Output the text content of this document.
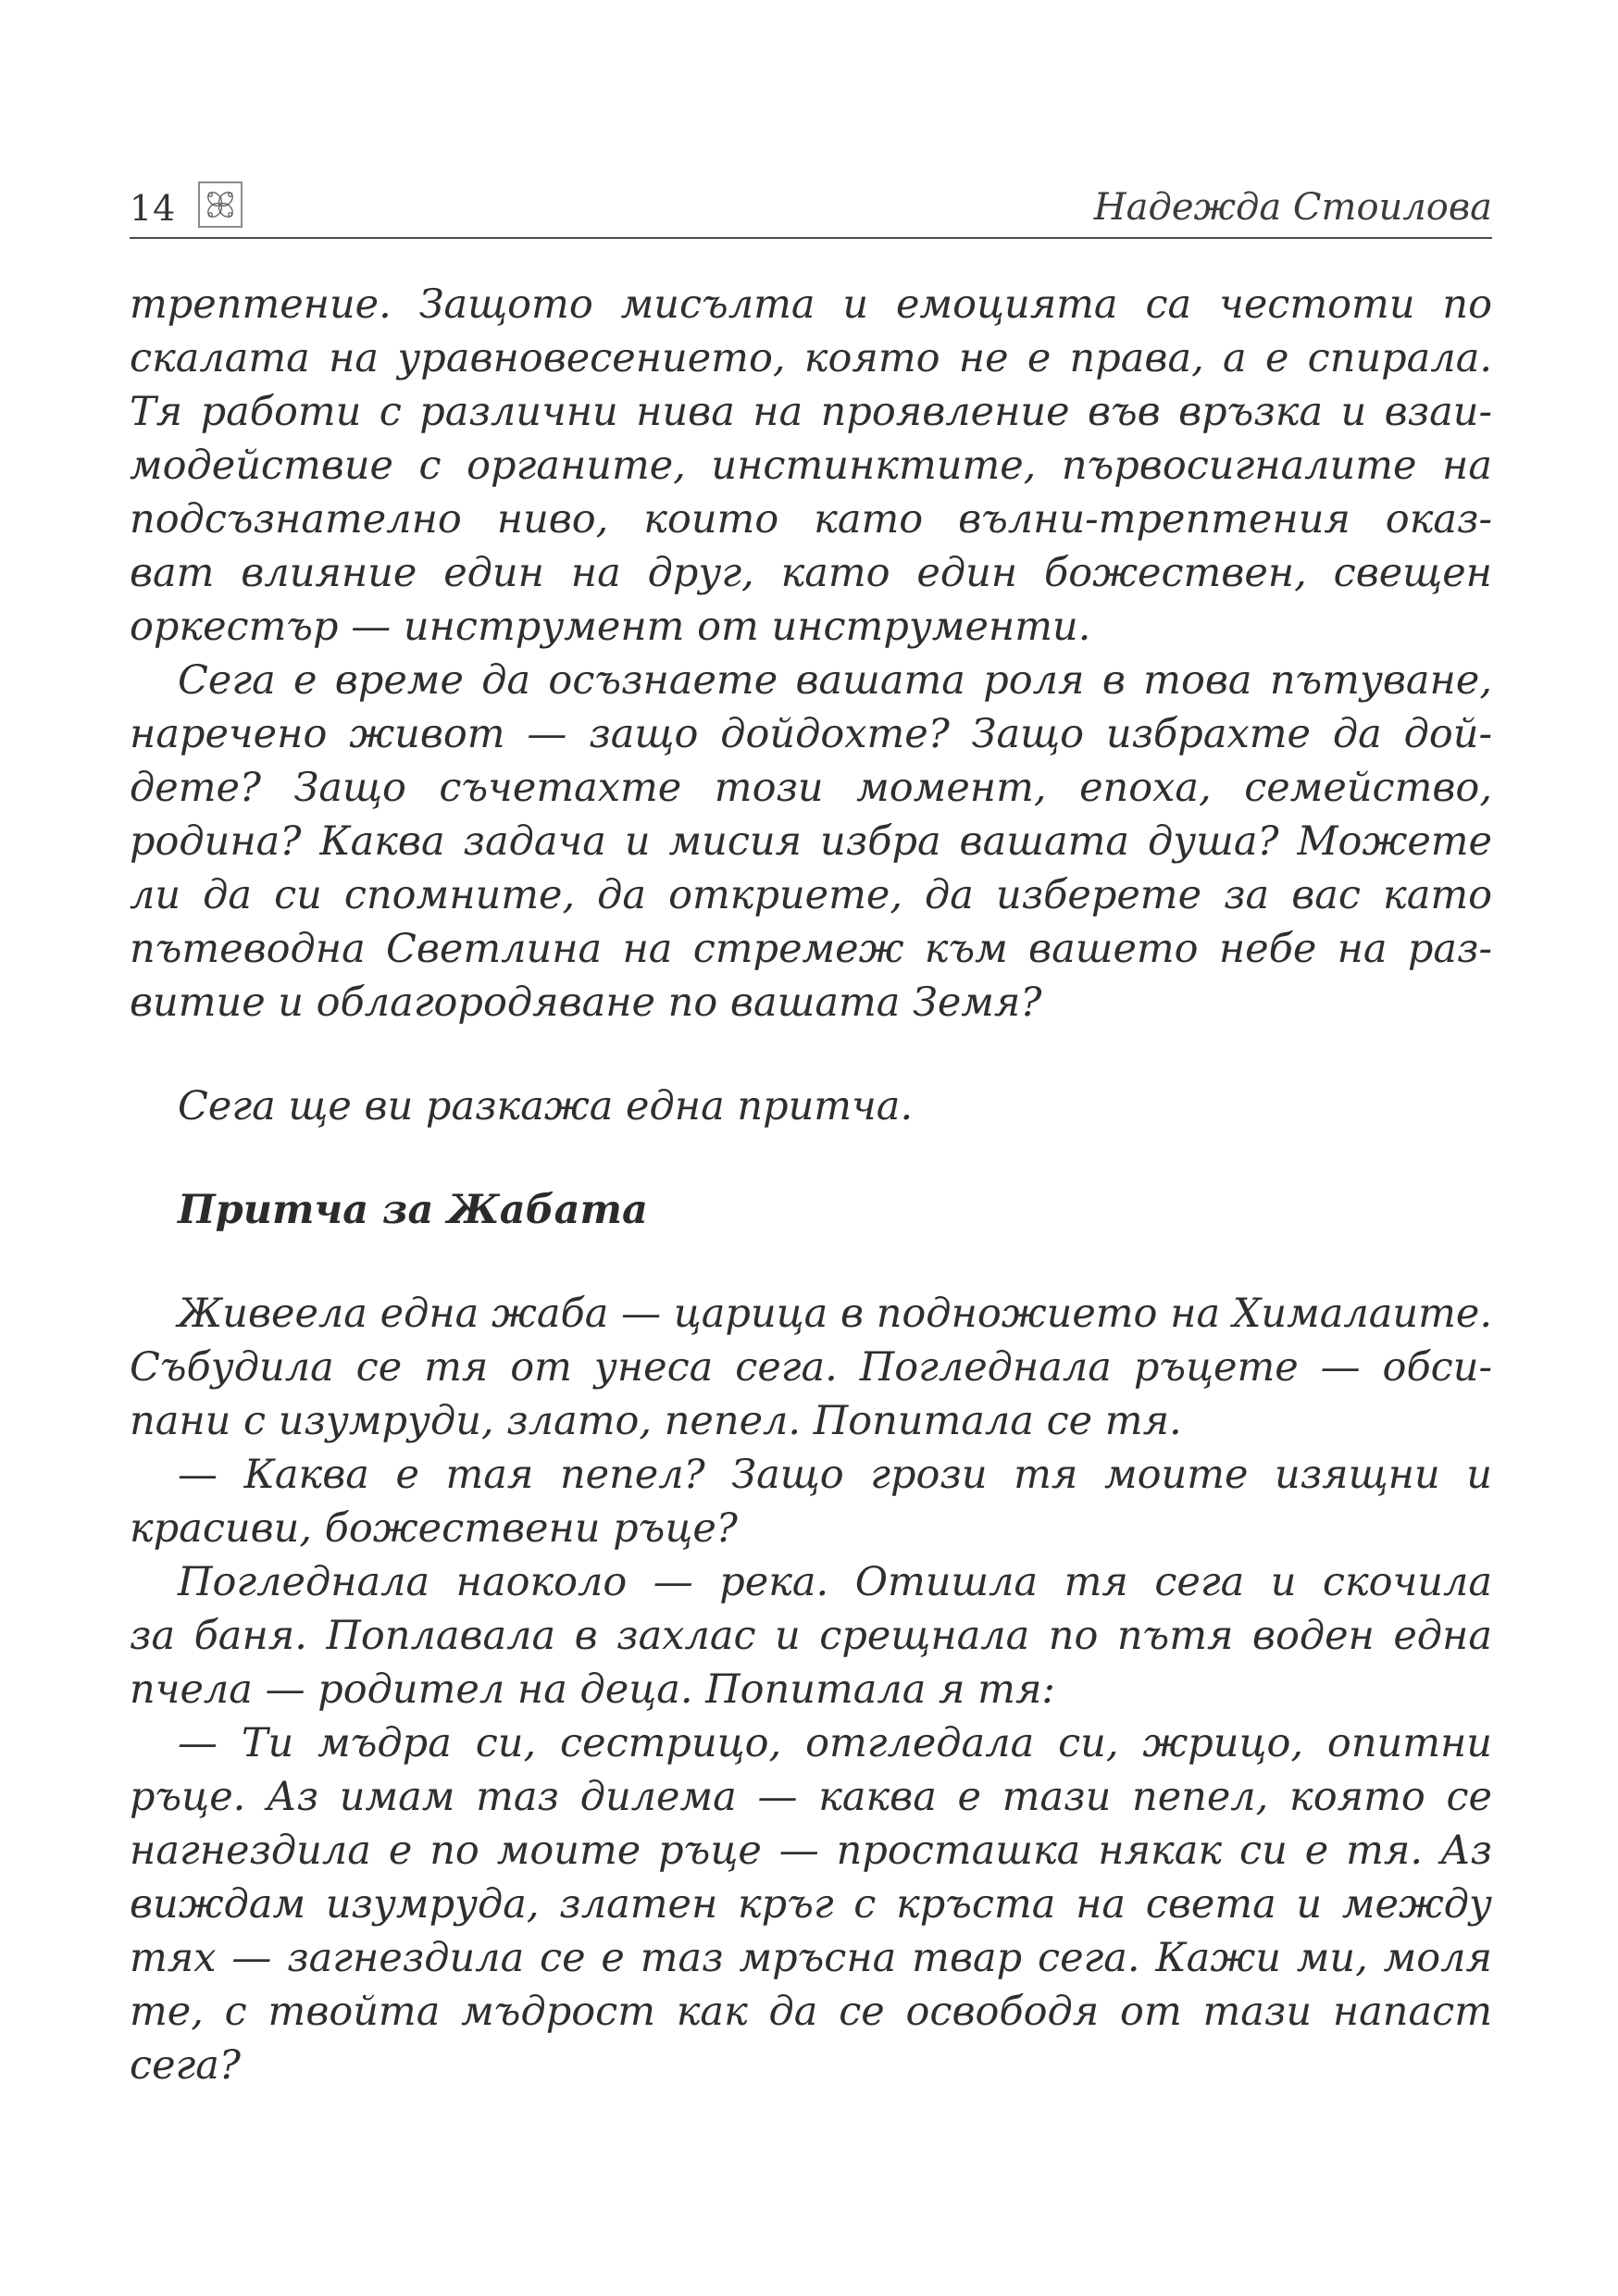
14	Надежда Стоилова
трептение. Защото мисълта и емоцията са честоти по
скалата на уравновесението, която не е права, а е спирала.
Тя работи с различни нива на проявление във връзка и взаи-
модействие с органите, инстинктите, първосигналите на
подсъзнателно ниво, които като вълни-трептения оказ-
ват влияние един на друг, като един божествен, свещен
оркестър — инструмент от инструменти.
Сега е време да осъзнаете вашата роля в това пътуване,
наречено живот — защо дойдохте? Защо избрахте да дой-
дете? Защо съчетахте този момент, епоха, семейство,
родина? Каква задача и мисия избра вашата душа? Можете
ли да си спомните, да откриете, да изберете за вас като
пътеводна Светлина на стремеж към вашето небе на раз-
витие и облагородяване по вашата Земя?
Сега ще ви разкажа една притча.
Притча за Жабата
Живеела една жаба — царица в подножието на Хималаите.
Събудила се тя от унеса сега. Погледнала ръцете — обси-
пани с изумруди, злато, пепел. Попитала се тя.
— Каква е тая пепел? Защо грози тя моите изящни и
красиви, божествени ръце?
Погледнала наоколо — река. Отишла тя сега и скочила
за баня. Поплавала в захлас и срещнала по пътя воден една
пчела — родител на деца. Попитала я тя:
— Ти мъдра си, сестрицо, отгледала си, жрицо, опитни
ръце. Аз имам таз дилема — каква е тази пепел, която се
нагнездила е по моите ръце — просташка някак си е тя. Аз
виждам изумруда, златен кръг с кръста на света и между
тях — загнездила се е таз мръсна твар сега. Кажи ми, моля
те, с твойта мъдрост как да се освободя от тази напаст
сега?
